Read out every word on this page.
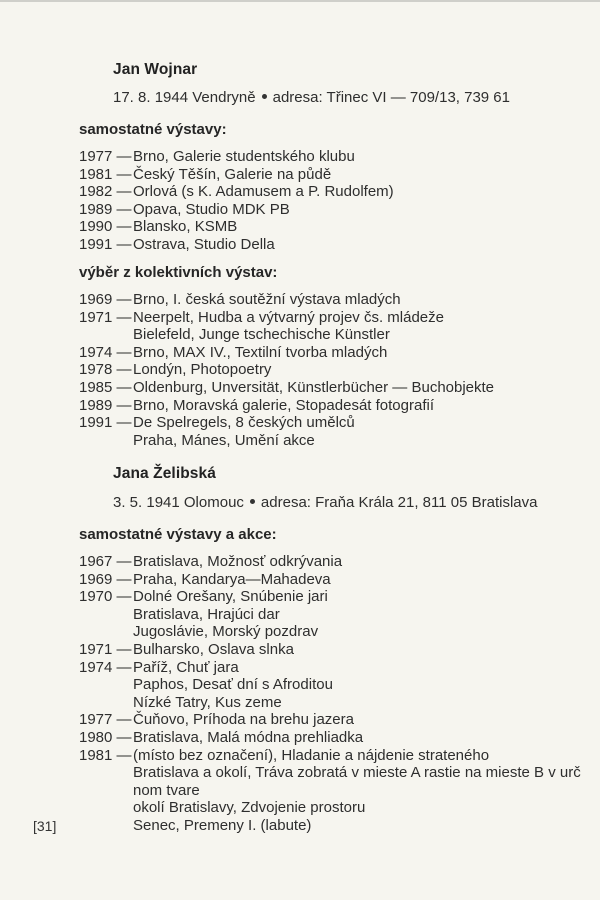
Jan Wojnar
17. 8. 1944 Vendryně adresa: Třinec VI — 709/13, 739 61
samostatné výstavy:
1977 — Brno, Galerie studentského klubu
1981 — Český Těšín, Galerie na půdě
1982 — Orlová (s K. Adamusem a P. Rudolfem)
1989 — Opava, Studio MDK PB
1990 — Blansko, KSMB
1991 — Ostrava, Studio Della
výběr z kolektivních výstav:
1969 — Brno, I. česká soutěžní výstava mladých
1971 — Neerpelt, Hudba a výtvarný projev čs. mládeže
Bielefeld, Junge tschechische Künstler
1974 — Brno, MAX IV., Textilní tvorba mladých
1978 — Londýn, Photopoetry
1985 — Oldenburg, Unversität, Künstlerbücher — Buchobjekte
1989 — Brno, Moravská galerie, Stopadesát fotografií
1991 — De Spelregels, 8 českých umělců
Praha, Mánes, Umění akce
Jana Želibská
3. 5. 1941 Olomouc adresa: Fraňa Krála 21, 811 05 Bratislava
samostatné výstavy a akce:
1967 — Bratislava, Možnosť odkrývania
1969 — Praha, Kandarya—Mahadeva
1970 — Dolné Orešany, Snúbenie jari
Bratislava, Hrajúci dar
Jugoslávie, Morský pozdrav
1971 — Bulharsko, Oslava slnka
1974 — Paříž, Chuť jara
Paphos, Desať dní s Afroditou
Nízké Tatry, Kus zeme
1977 — Čuňovo, Príhoda na brehu jazera
1980 — Bratislava, Malá módna prehliadka
1981 — (místo bez označení), Hladanie a nájdenie strateného
Bratislava a okolí, Tráva zobratá v mieste A rastie na mieste B v urč
nom tvare
okolí Bratislavy, Zdvojenie prostoru
Senec, Premeny I. (labute)
[31]
